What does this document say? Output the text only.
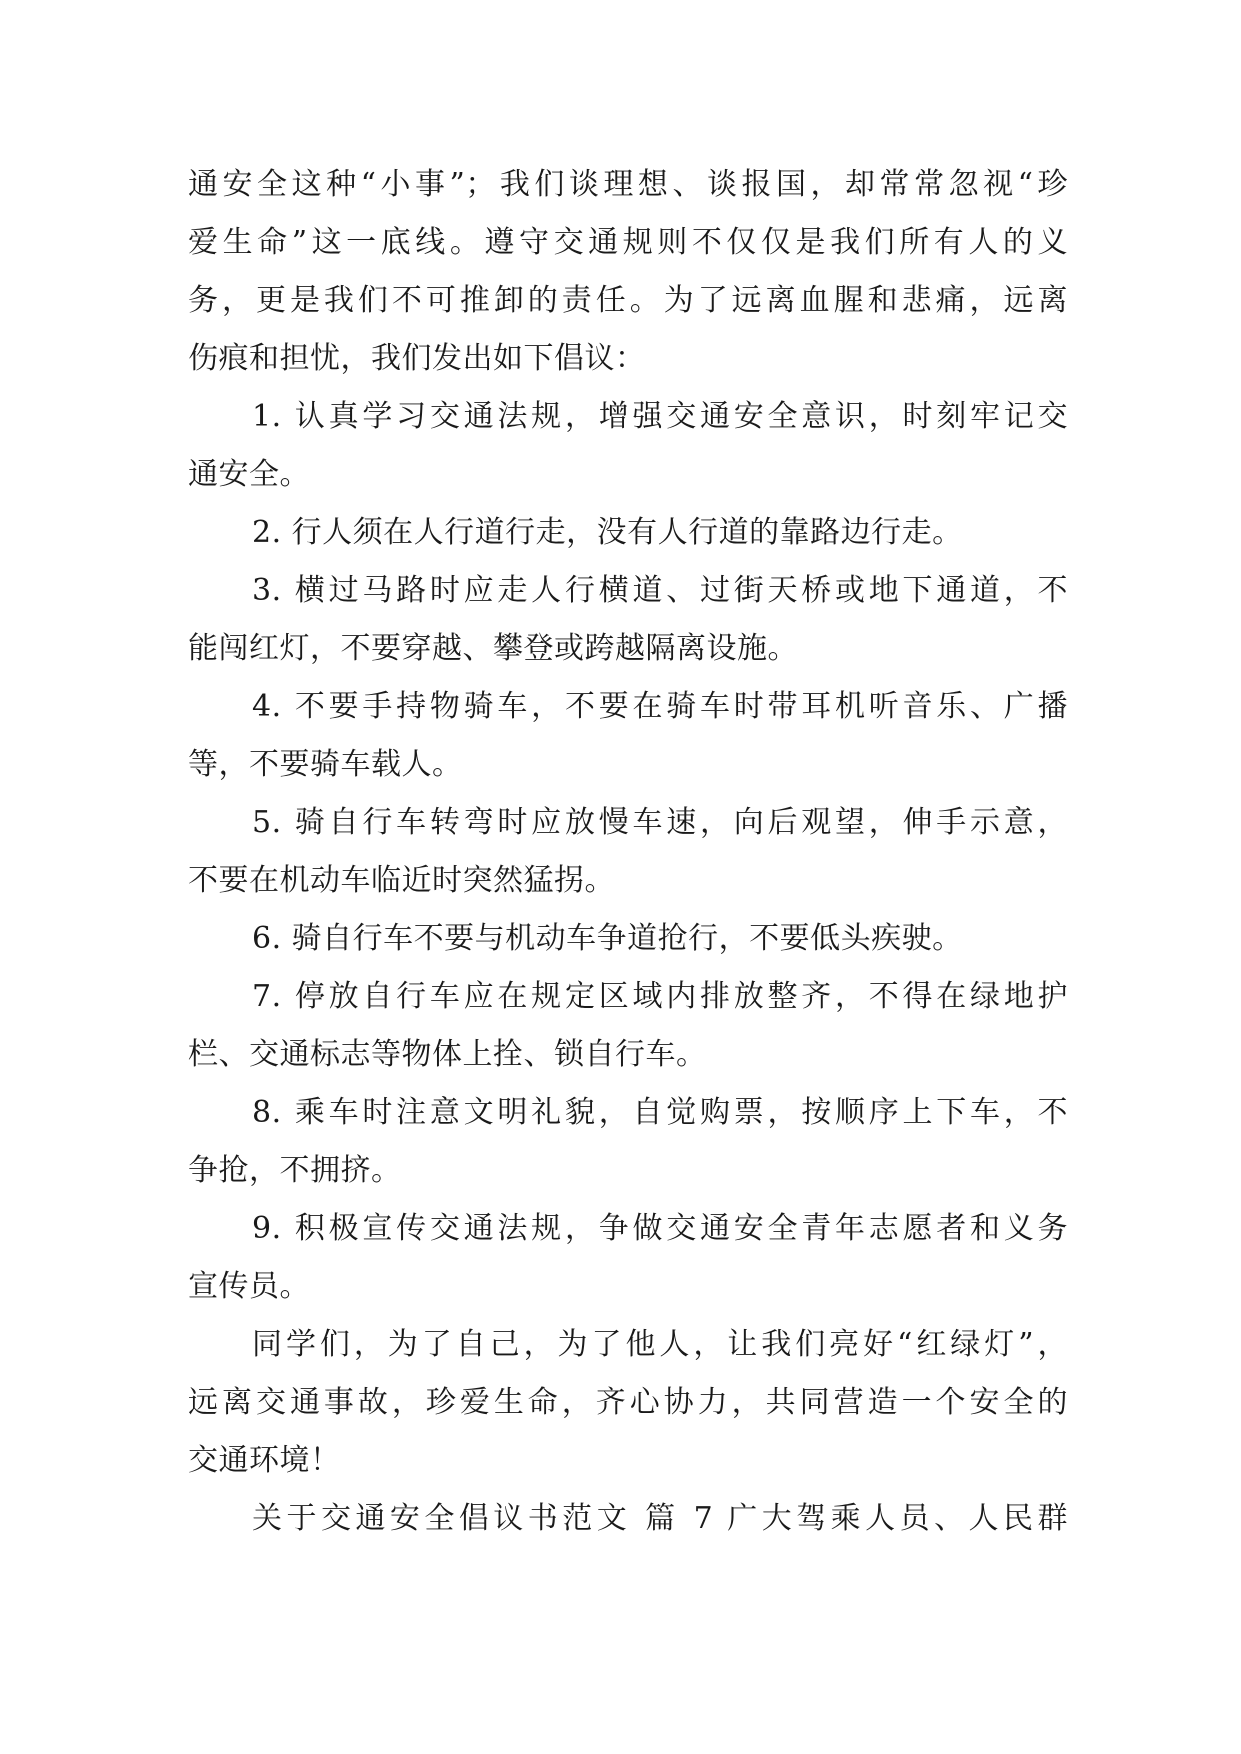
通安全这种“小事”；我们谈理想、谈报国，却常常忽视“珍
爱生命”这一底线。遵守交通规则不仅仅是我们所有人的义
务，更是我们不可推卸的责任。为了远离血腥和悲痛，远离
伤痕和担忧，我们发出如下倡议：
1. 认真学习交通法规，增强交通安全意识，时刻牢记交
通安全。
2. 行人须在人行道行走，没有人行道的靠路边行走。
3. 横过马路时应走人行横道、过街天桥或地下通道，不
能闯红灯，不要穿越、攀登或跨越隔离设施。
4. 不要手持物骑车，不要在骑车时带耳机听音乐、广播
等，不要骑车载人。
5. 骑自行车转弯时应放慢车速，向后观望，伸手示意，
不要在机动车临近时突然猛拐。
6. 骑自行车不要与机动车争道抢行，不要低头疾驶。
7. 停放自行车应在规定区域内排放整齐，不得在绿地护
栏、交通标志等物体上拴、锁自行车。
8. 乘车时注意文明礼貌，自觉购票，按顺序上下车，不
争抢，不拥挤。
9. 积极宣传交通法规，争做交通安全青年志愿者和义务
宣传员。
同学们，为了自己，为了他人，让我们亮好“红绿灯”，
远离交通事故，珍爱生命，齐心协力，共同营造一个安全的
交通环境！
关于交通安全倡议书范文 篇 7 广大驾乘人员、人民群
